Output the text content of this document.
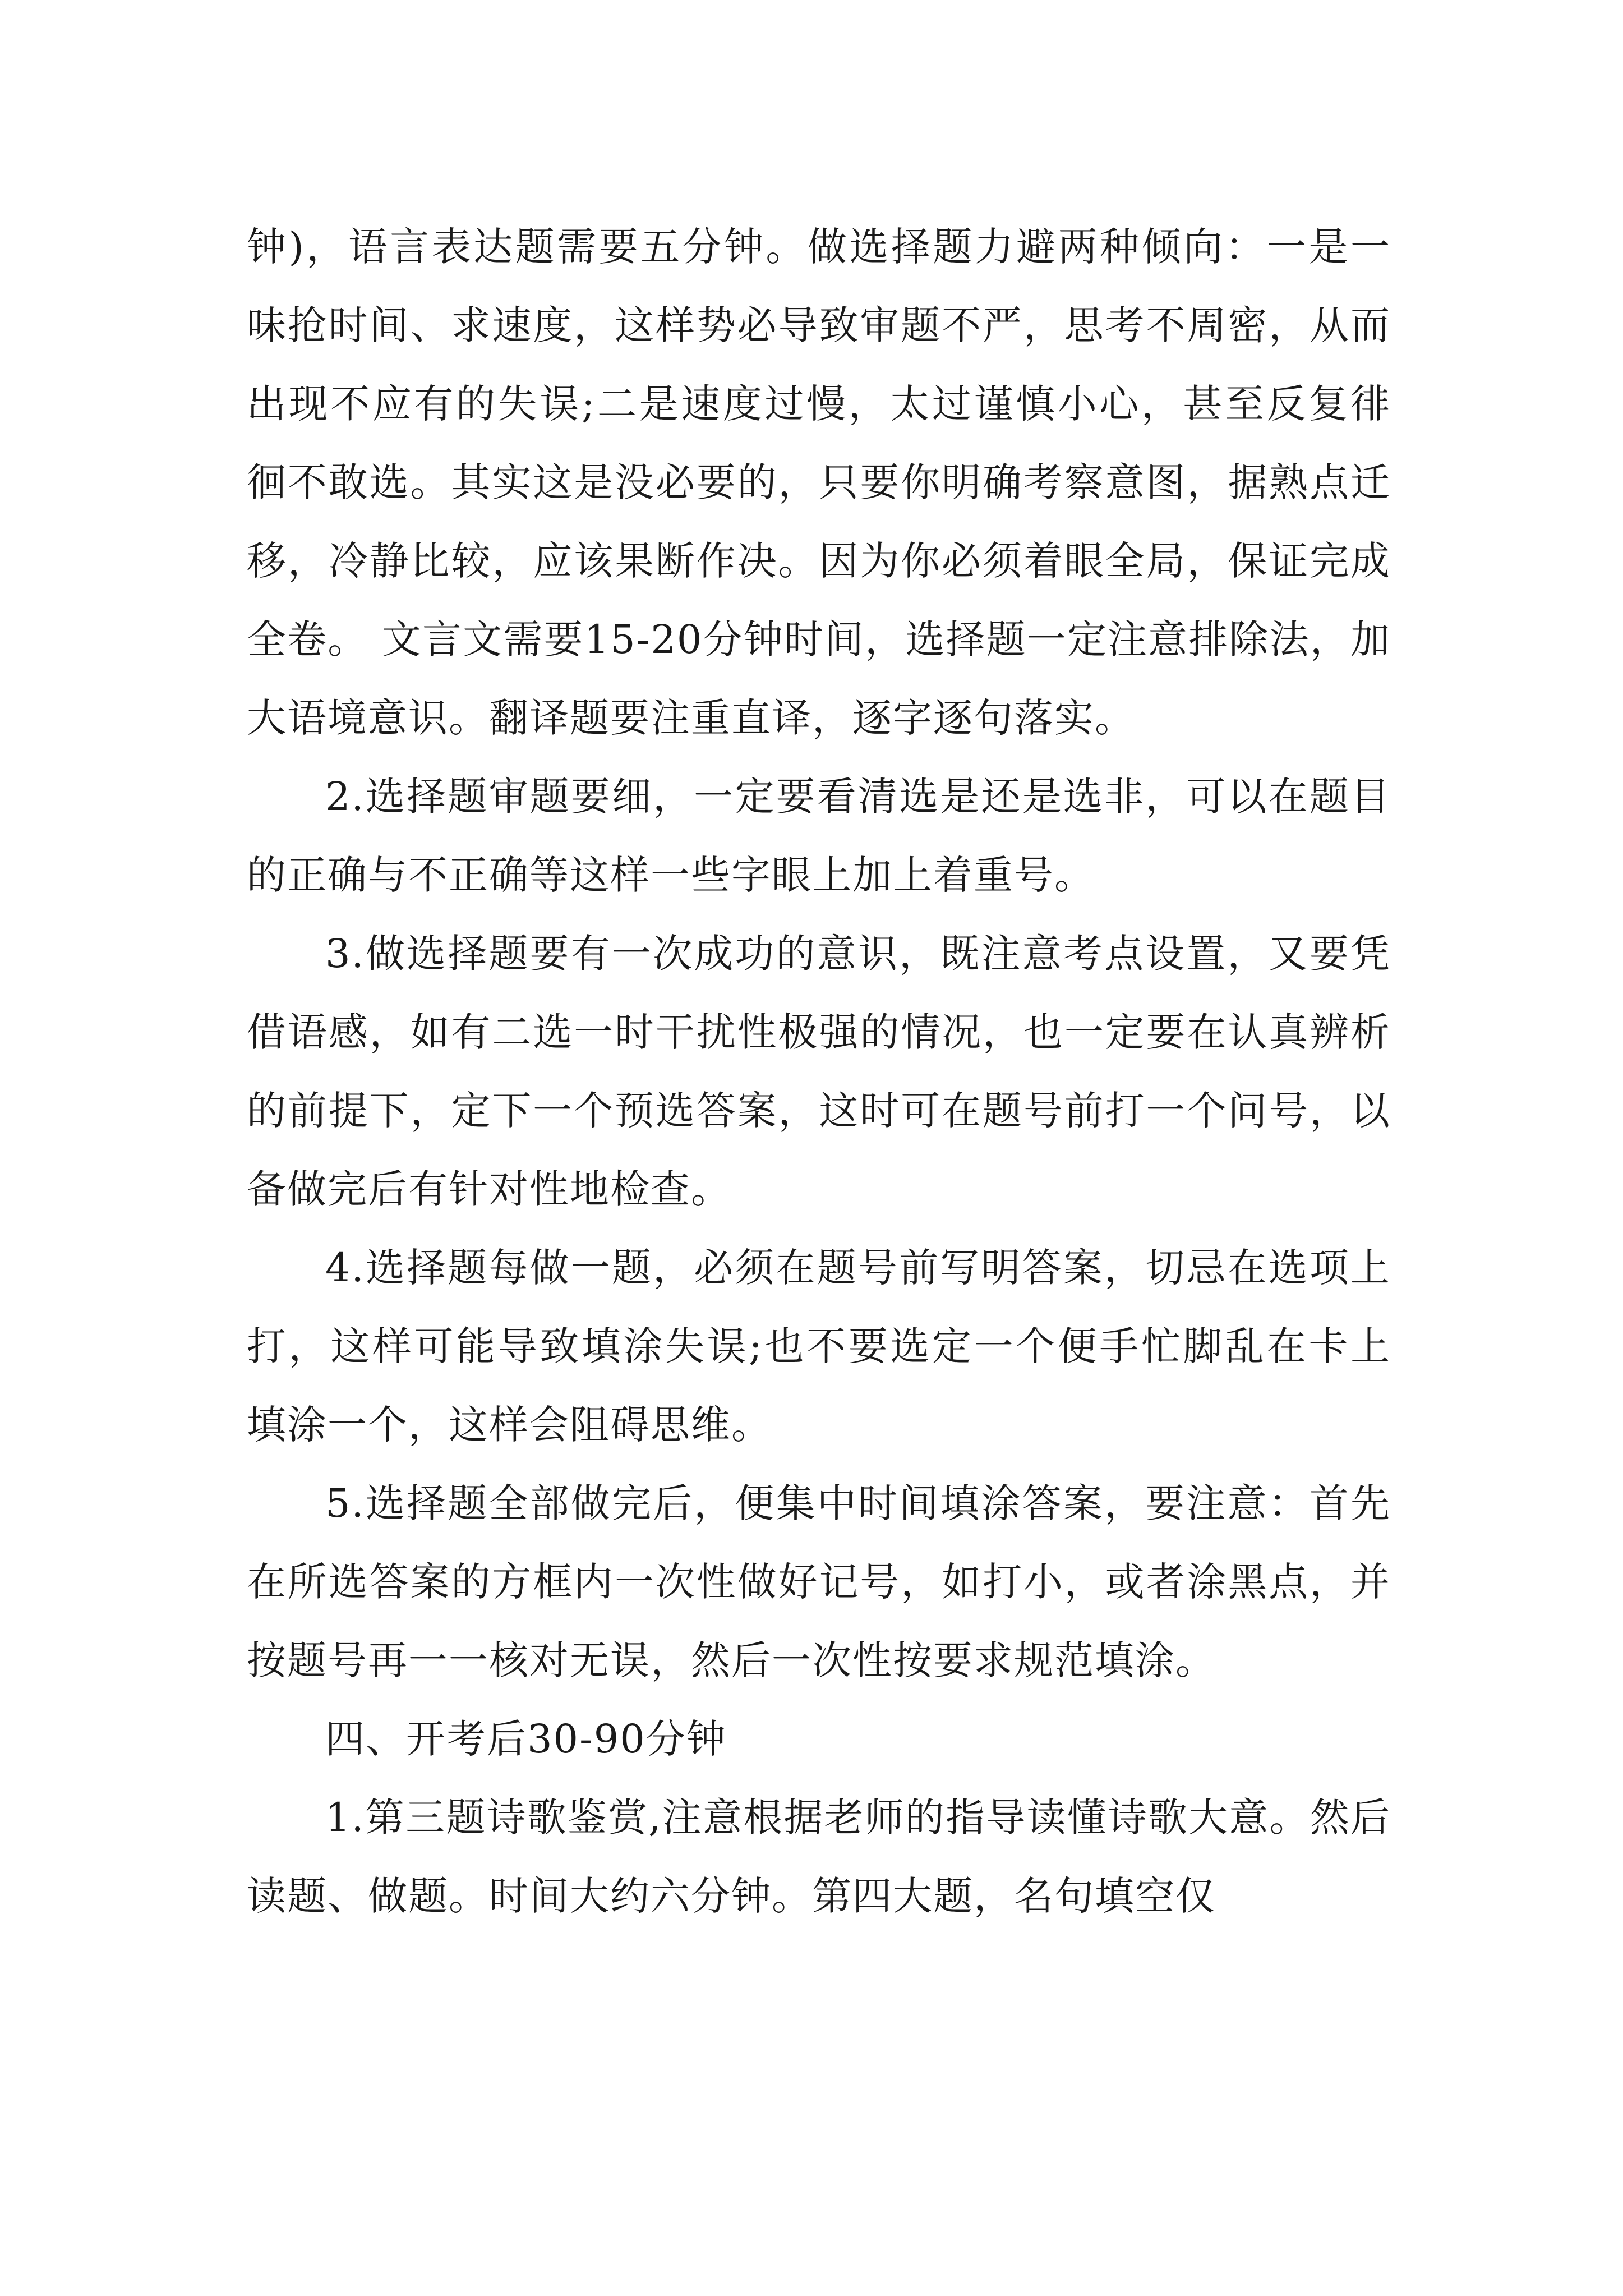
钟)，语言表达题需要五分钟。做选择题力避两种倾向：一是一味抢时间、求速度，这样势必导致审题不严，思考不周密，从而出现不应有的失误;二是速度过慢，太过谨慎小心，甚至反复徘徊不敢选。其实这是没必要的，只要你明确考察意图，据熟点迁移，冷静比较，应该果断作决。因为你必须着眼全局，保证完成全卷。 文言文需要15-20分钟时间，选择题一定注意排除法，加大语境意识。翻译题要注重直译，逐字逐句落实。

2.选择题审题要细，一定要看清选是还是选非，可以在题目的正确与不正确等这样一些字眼上加上着重号。

3.做选择题要有一次成功的意识，既注意考点设置，又要凭借语感，如有二选一时干扰性极强的情况，也一定要在认真辨析的前提下，定下一个预选答案，这时可在题号前打一个问号，以备做完后有针对性地检查。

4.选择题每做一题，必须在题号前写明答案，切忌在选项上打，这样可能导致填涂失误;也不要选定一个便手忙脚乱在卡上填涂一个，这样会阻碍思维。

5.选择题全部做完后，便集中时间填涂答案，要注意：首先在所选答案的方框内一次性做好记号，如打小，或者涂黑点，并按题号再一一核对无误，然后一次性按要求规范填涂。

四、开考后30-90分钟

1.第三题诗歌鉴赏,注意根据老师的指导读懂诗歌大意。然后读题、做题。时间大约六分钟。第四大题，名句填空仅
